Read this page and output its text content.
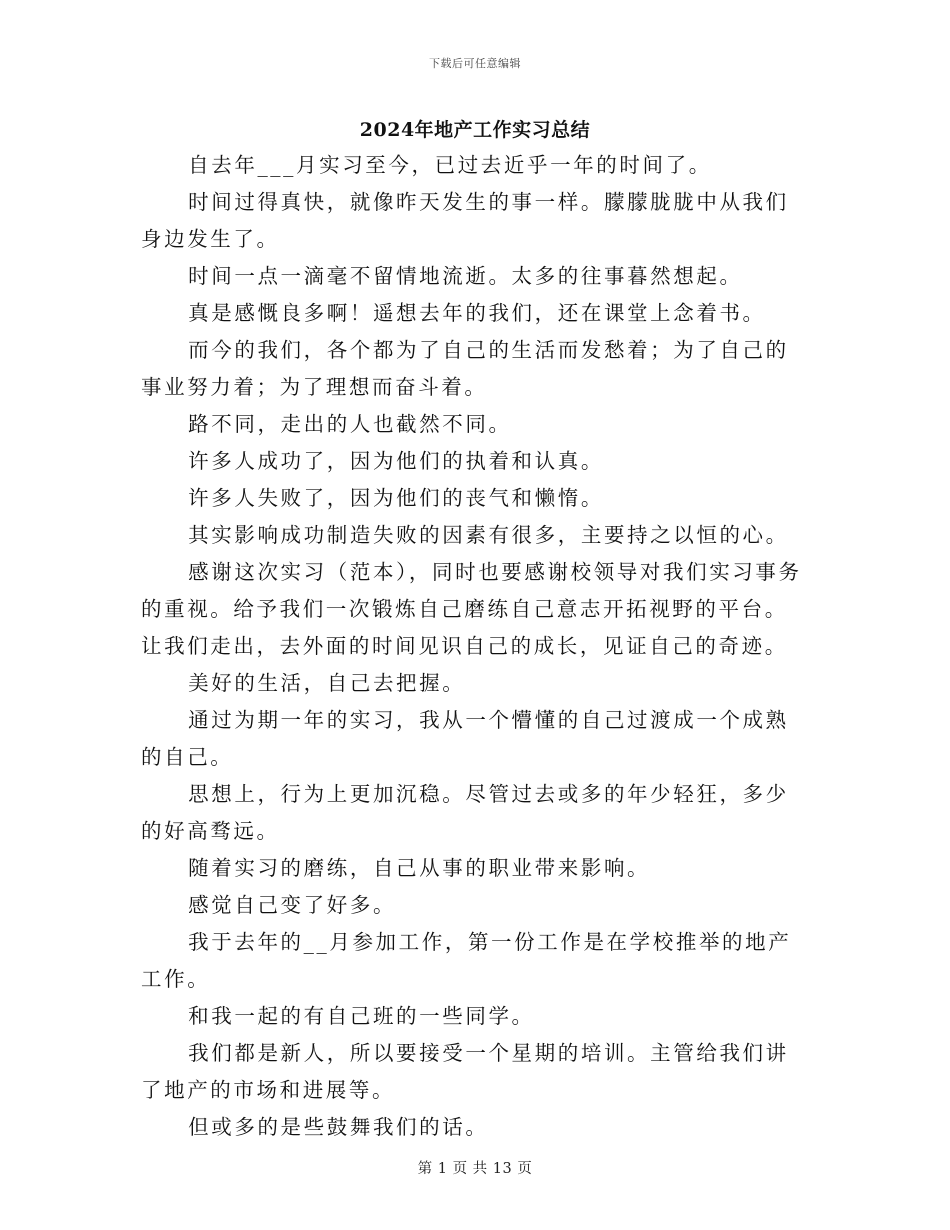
下载后可任意编辑
2024年地产工作实习总结

自去年___月实习至今，已过去近乎一年的时间了。

时间过得真快，就像昨天发生的事一样。朦朦胧胧中从我们身边发生了。

时间一点一滴毫不留情地流逝。太多的往事暮然想起。

真是感慨良多啊！遥想去年的我们，还在课堂上念着书。

而今的我们，各个都为了自己的生活而发愁着；为了自己的事业努力着；为了理想而奋斗着。

路不同，走出的人也截然不同。

许多人成功了，因为他们的执着和认真。

许多人失败了，因为他们的丧气和懒惰。

其实影响成功制造失败的因素有很多，主要持之以恒的心。

感谢这次实习（范本），同时也要感谢校领导对我们实习事务的重视。给予我们一次锻炼自己磨练自己意志开拓视野的平台。让我们走出，去外面的时间见识自己的成长，见证自己的奇迹。

美好的生活，自己去把握。

通过为期一年的实习，我从一个懵懂的自己过渡成一个成熟的自己。

思想上，行为上更加沉稳。尽管过去或多的年少轻狂，多少的好高骛远。

随着实习的磨练，自己从事的职业带来影响。

感觉自己变了好多。

我于去年的__月参加工作，第一份工作是在学校推举的地产工作。

和我一起的有自己班的一些同学。

我们都是新人，所以要接受一个星期的培训。主管给我们讲了地产的市场和进展等。

但或多的是些鼓舞我们的话。

第 1 页 共 13 页
